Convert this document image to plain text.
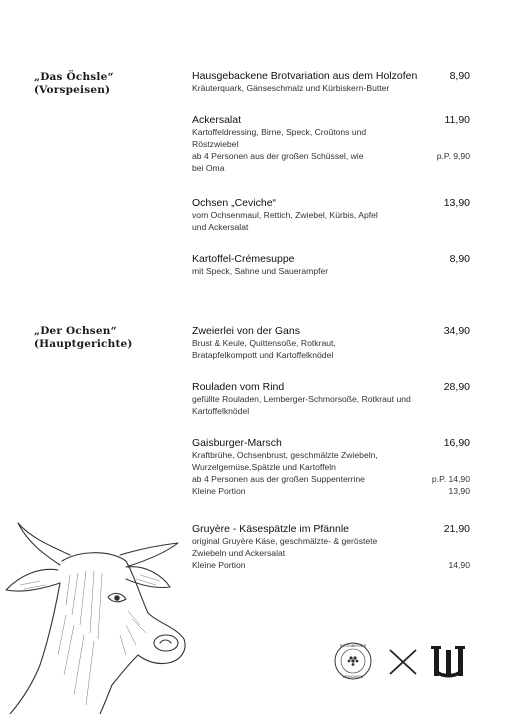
„Das Öchsle“
(Vorspeisen)
„Der Ochsen“
(Hauptgerichte)
Hausgebackene Brotvariation aus dem Holzofen	8,90
Kräuterquark, Gänseschmalz und Kürbiskern-Butter
Ackersalat	11,90
Kartoffeldressing, Birne, Speck, Croûtons und Röstzwiebel
ab 4 Personen aus der großen Schüssel, wie bei Oma
p.P. 9,90
Ochsen „Ceviche“	13,90
vom Ochsenmaul, Rettich, Zwiebel, Kürbis, Apfel und Ackersalat
Kartoffel-Crémesuppe	8,90
mit Speck, Sahne und Sauerampfer
Zweierlei von der Gans	34,90
Brust & Keule, Quittensoße, Rotkraut, Bratapfelkompott und Kartoffelknödel
Rouladen vom Rind	28,90
gefüllte Rouladen, Lemberger-Schmorsoße, Rotkraut und Kartoffelknödel
Gaisburger-Marsch	16,90
Kraftbrühe, Ochsenbrust, geschmälzte Zwiebeln, Wurzelgemüse,Spätzle und Kartoffeln
ab 4 Personen aus der großen Suppenterrine	p.P. 14,90
Kleine Portion	13,90
Gruyère - Käsespätzle im Pfännle	21,90
original Gruyère Käse, geschmälzte- & geröstete Zwiebeln und Ackersalat
Kleine Portion	14,90
ROTENBERGER
WEINGARTE
